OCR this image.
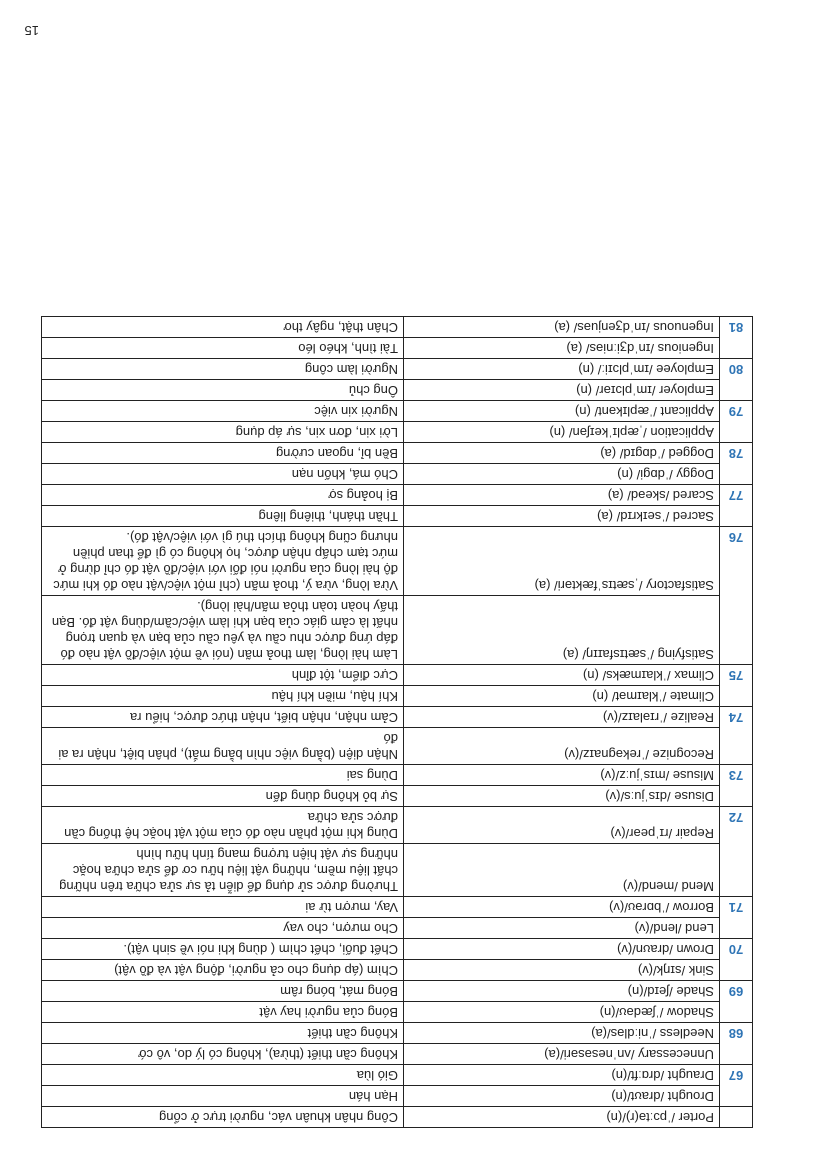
	Porter /ˈpɔːtə(r)/(n)	Công nhân khuân vác, người trực ở cổng
67	Drought /draʊt/(n)	Hạn hán
	Draught /drɑːft/(n)	Gió lùa
68	Unnecessary /ʌnˈnesəsəri/(a)	Không cần thiết (thừa), không có lý do, vô cớ
	Needless /ˈniːdləs/(a)	Không cần thiết
69	Shadow /ˈʃædəʊ/(n)	Bóng của người hay vật
	Shade /ʃeɪd/(n)	Bóng mát, bóng râm
70	Sink /sɪŋk/(v)	Chìm (áp dụng cho cả người, động vật và đồ vật)
	Drown /draʊn/(v)	Chết đuối, chết chìm ( dùng khi nói về sinh vật).
71	Lend /lend/(v)	Cho mượn, cho vay
	Borrow /ˈbɒrəʊ/(v)	Vay, mượn từ ai
72	Mend /mend/(v)	Thường được sử dụng để diễn tả sự sửa chữa trên những chất liệu mềm, những vật liệu hữu cơ để sửa chữa hoặc những sự vật hiện tượng mang tính hữu hình
	Repair /rɪˈpeər/(v)	Dùng khi một phần nào đó của một vật hoặc hệ thống cần được sửa chữa
73	Disuse /dɪsˈjuːs/(v)	Sự bỏ không dùng đến
	Misuse /mɪsˈjuːz/(v)	Dùng sai
74	Recognize /ˈrekəgnaɪz/(v)	Nhận diện (bằng việc nhìn bằng mắt), phân biệt, nhận ra ai đó
	Realize /ˈrɪəlaɪz/(v)	Cảm nhận, nhận biết, nhận thức được, hiểu ra
75	Climate /ˈklaɪmət/ (n)	Khí hậu, miền khí hậu
	Climax /ˈklaɪmæks/ (n)	Cực điểm, tột đỉnh
76	Satisfying /ˈsætɪsfaɪɪŋ/ (a)	Làm hài lòng, làm thoả mãn (nói về một việc/đồ vật nào đó đáp ứng được nhu cầu và yêu cầu của bạn và quan trọng nhất là cảm giác của bạn khi làm việc/cầm/dùng vật đó. Bạn thấy hoàn toàn thỏa mãn/hài lòng).
	Satisfactory /ˌsætɪsˈfæktəri/ (a)	Vừa lòng, vừa ý, thoả mãn (chỉ một việc/vật nào đó khi mức độ hài lòng của người nói đối với việc/đồ vật đó chỉ dừng ở mức tạm chấp nhận được, họ không có gì để than phiền nhưng cũng không thích thú gì với việc/vật đó).
77	Sacred /ˈseɪkrɪd/ (a)	Thần thánh, thiêng liêng
	Scared /skeəd/ (a)	Bị hoảng sợ
78	Doggy /ˈdɒgi/ (n)	Chó má, khốn nạn
	Dogged /ˈdɒgɪd/ (a)	Bền bỉ, ngoan cường
79	Application /ˌæplɪˈkeɪʃən/ (n)	Lời xin, đơn xin, sự áp dụng
	Applicant /ˈæplɪkənt/ (n)	Người xin việc
80	Employer /ɪmˈplɔɪər/ (n)	Ông chủ
	Employee /ɪmˈplɔɪiː/ (n)	Người làm công
81	Ingenious /ɪnˈdʒiːniəs/ (a)	Tài tình, khéo léo
	Ingenuous /ɪnˈdʒenjuəs/ (a)	Chân thật, ngây thơ
15
